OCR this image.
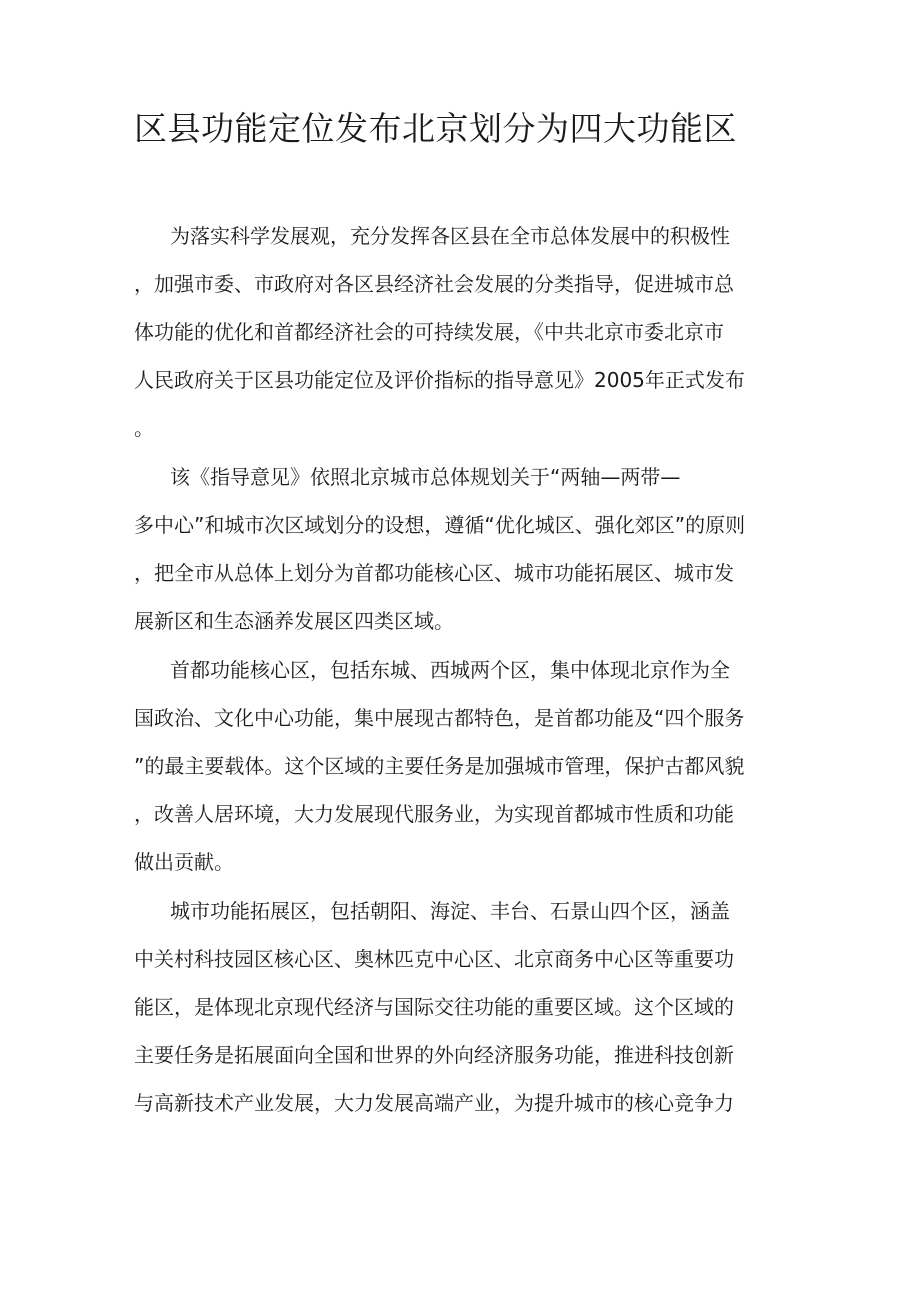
区县功能定位发布北京划分为四大功能区

为落实科学发展观，充分发挥各区县在全市总体发展中的积极性

，加强市委、市政府对各区县经济社会发展的分类指导，促进城市总

体功能的优化和首都经济社会的可持续发展，《中共北京市委北京市

人民政府关于区县功能定位及评价指标的指导意见》2005年正式发布

。

该《指导意见》依照北京城市总体规划关于“两轴—两带—

多中心”和城市次区域划分的设想，遵循“优化城区、强化郊区”的原则

，把全市从总体上划分为首都功能核心区、城市功能拓展区、城市发

展新区和生态涵养发展区四类区域。

首都功能核心区，包括东城、西城两个区，集中体现北京作为全

国政治、文化中心功能，集中展现古都特色，是首都功能及“四个服务

”的最主要载体。这个区域的主要任务是加强城市管理，保护古都风貌

，改善人居环境，大力发展现代服务业，为实现首都城市性质和功能

做出贡献。

城市功能拓展区，包括朝阳、海淀、丰台、石景山四个区，涵盖

中关村科技园区核心区、奥林匹克中心区、北京商务中心区等重要功

能区，是体现北京现代经济与国际交往功能的重要区域。这个区域的

主要任务是拓展面向全国和世界的外向经济服务功能，推进科技创新

与高新技术产业发展，大力发展高端产业，为提升城市的核心竞争力
